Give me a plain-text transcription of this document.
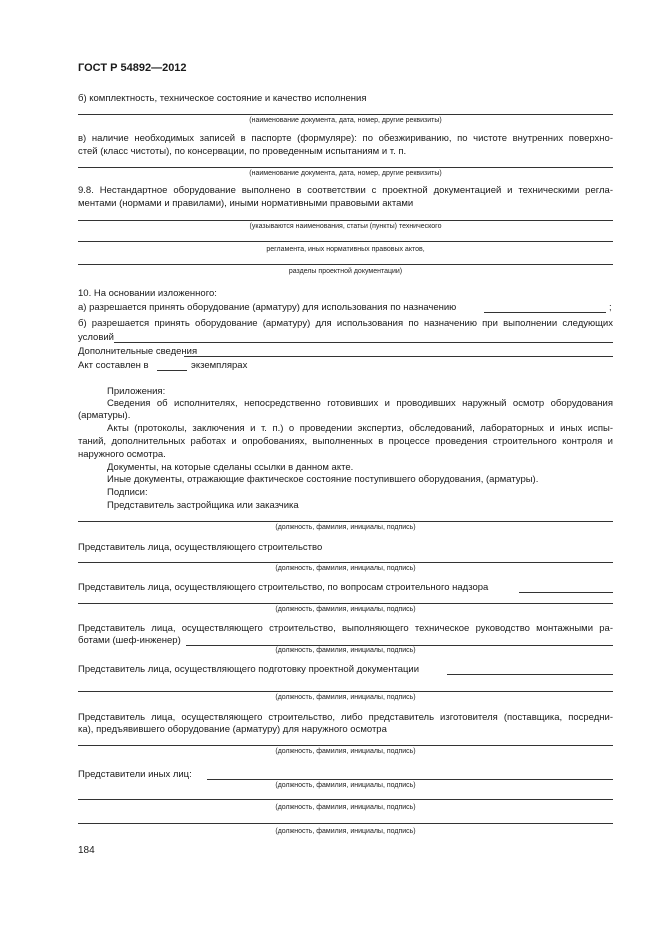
ГОСТ Р 54892—2012
б) комплектность, техническое состояние и качество исполнения
(наименование документа, дата, номер, другие реквизиты)
в) наличие необходимых записей в паспорте (формуляре): по обезжириванию, по чистоте внутренних поверхно-
стей (класс чистоты), по консервации, по проведенным испытаниям и т. п.
(наименование документа, дата, номер, другие реквизиты)
9.8. Нестандартное оборудование выполнено в соответствии с проектной документацией и техническими регла-
ментами (нормами и правилами), иными нормативными правовыми актами
(указываются наименования, статьи (пункты) технического
регламента, иных нормативных правовых актов,
разделы проектной документации)
10. На основании изложенного:
а) разрешается принять оборудование (арматуру) для использования по назначению	;
б) разрешается принять оборудование (арматуру) для использования по назначению при выполнении следующих
условий
Дополнительные сведения
Акт составлен в	экземплярах
Приложения:
Сведения об исполнителях, непосредственно готовивших и проводивших наружный осмотр оборудования
(арматуры).
Акты (протоколы, заключения и т. п.) о проведении экспертиз, обследований, лабораторных и иных испы-
таний, дополнительных работах и опробованиях, выполненных в процессе проведения строительного контроля и
наружного осмотра.
Документы, на которые сделаны ссылки в данном акте.
Иные документы, отражающие фактическое состояние поступившего оборудования, (арматуры).
Подписи:
Представитель застройщика или заказчика
(должность, фамилия, инициалы, подпись)
Представитель лица, осуществляющего строительство
(должность, фамилия, инициалы, подпись)
Представитель лица, осуществляющего строительство, по вопросам строительного надзора
(должность, фамилия, инициалы, подпись)
Представитель лица, осуществляющего строительство, выполняющего техническое руководство монтажными ра-
ботами (шеф-инженер)
(должность, фамилия, инициалы, подпись)
Представитель лица, осуществляющего подготовку проектной документации
(должность, фамилия, инициалы, подпись)
Представитель лица, осуществляющего строительство, либо представитель изготовителя (поставщика, посредни-
ка), предъявившего оборудование (арматуру) для наружного осмотра
(должность, фамилия, инициалы, подпись)
Представители иных лиц:
(должность, фамилия, инициалы, подпись)
(должность, фамилия, инициалы, подпись)
(должность, фамилия, инициалы, подпись)
184
